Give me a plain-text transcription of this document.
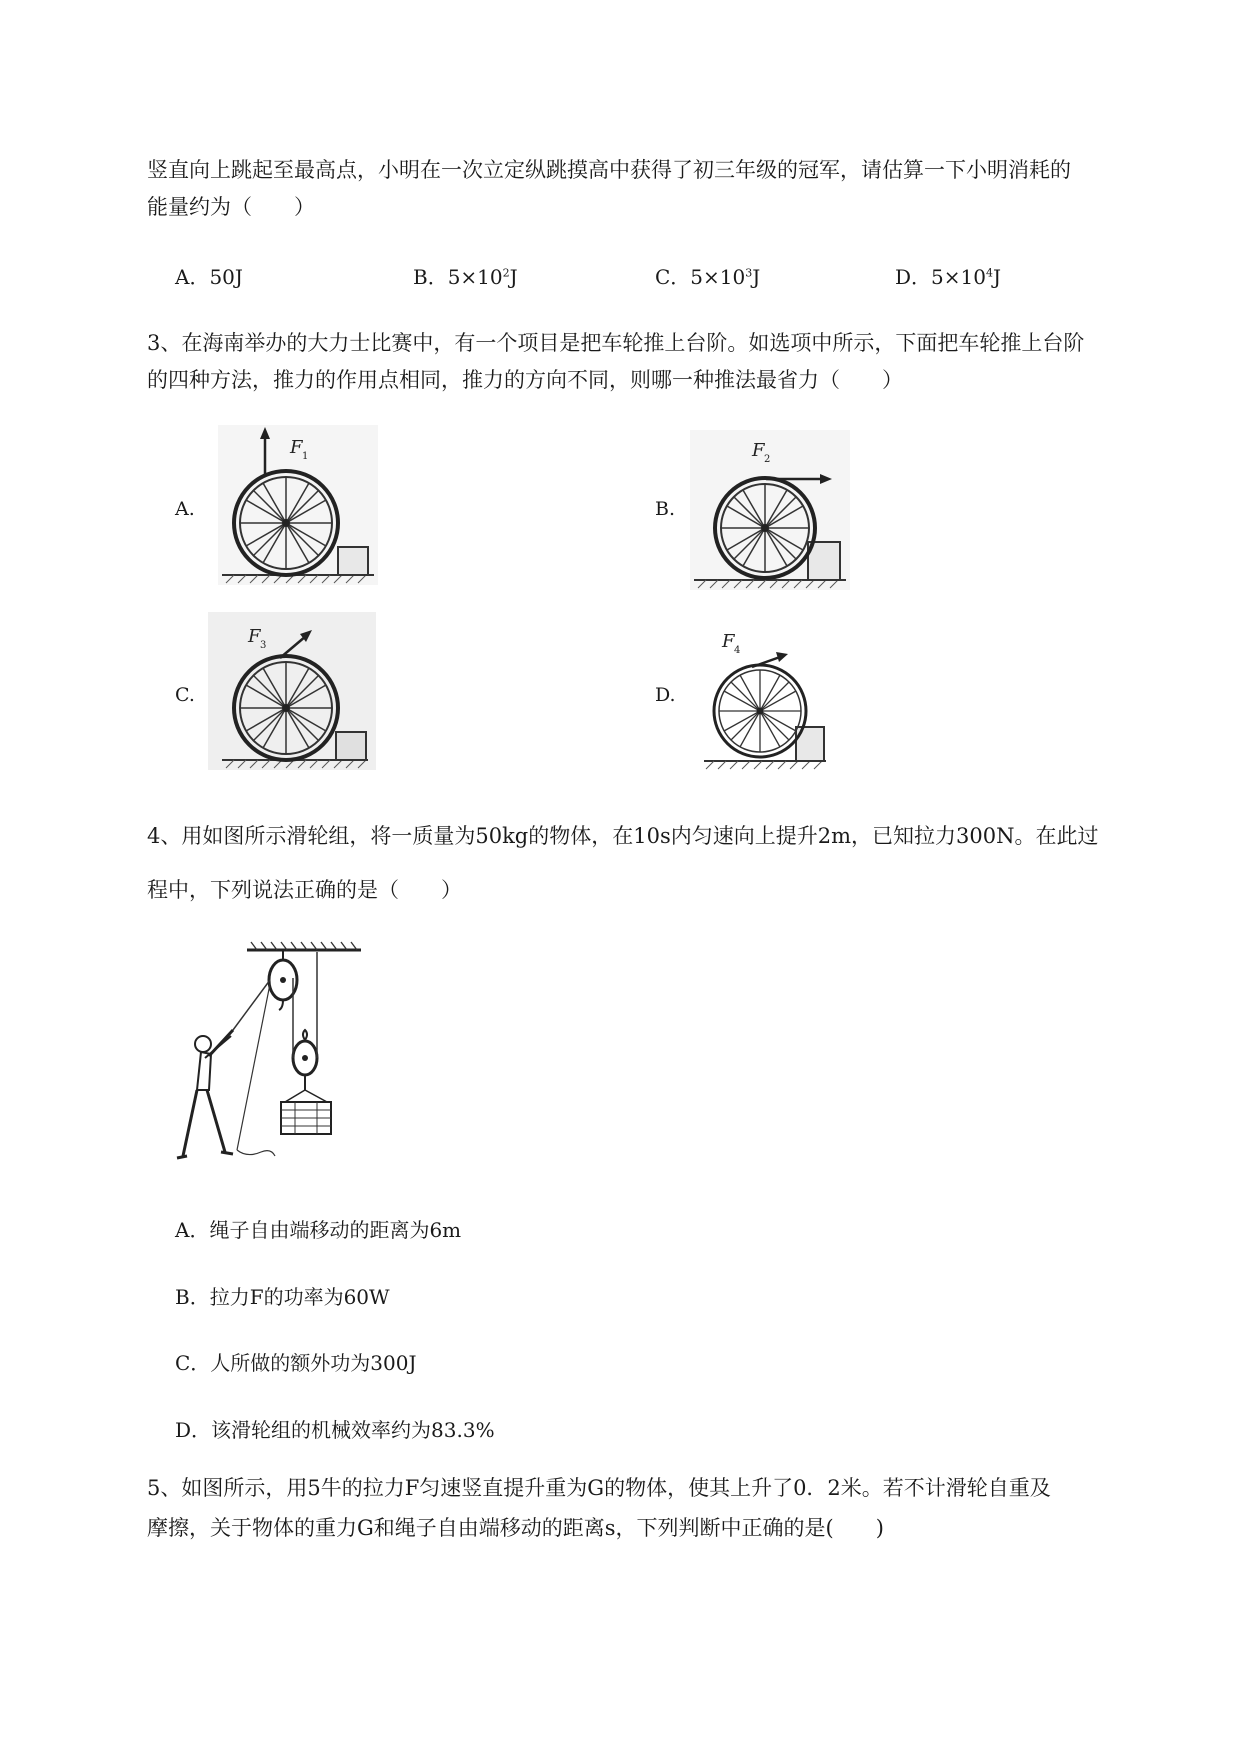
竖直向上跳起至最高点，小明在一次立定纵跳摸高中获得了初三年级的冠军，请估算一下小明消耗的
能量约为（　　）
A．50J	B．$5\times 10^2J$	C．$5\times 10^3J$	D．$5\times 10^4J$
3、在海南举办的大力士比赛中，有一个项目是把车轮推上台阶。如选项中所示，下面把车轮推上台阶
的四种方法，推力的作用点相同，推力的方向不同，则哪一种推法最省力（　　）
A.
F 1
B.
F 2
C.
F 3
D.
F 4
4、用如图所示滑轮组，将一质量为50kg的物体，在10s内匀速向上提升2m，已知拉力300N。在此过
程中，下列说法正确的是（　　）
A．绳子自由端移动的距离为6m
B．拉力F的功率为60W
C．人所做的额外功为300J
D．该滑轮组的机械效率约为83.3%
5、如图所示，用5牛的拉力F匀速竖直提升重为G的物体，使其上升了0．2米。若不计滑轮自重及
摩擦，关于物体的重力G和绳子自由端移动的距离s，下列判断中正确的是(　　)
